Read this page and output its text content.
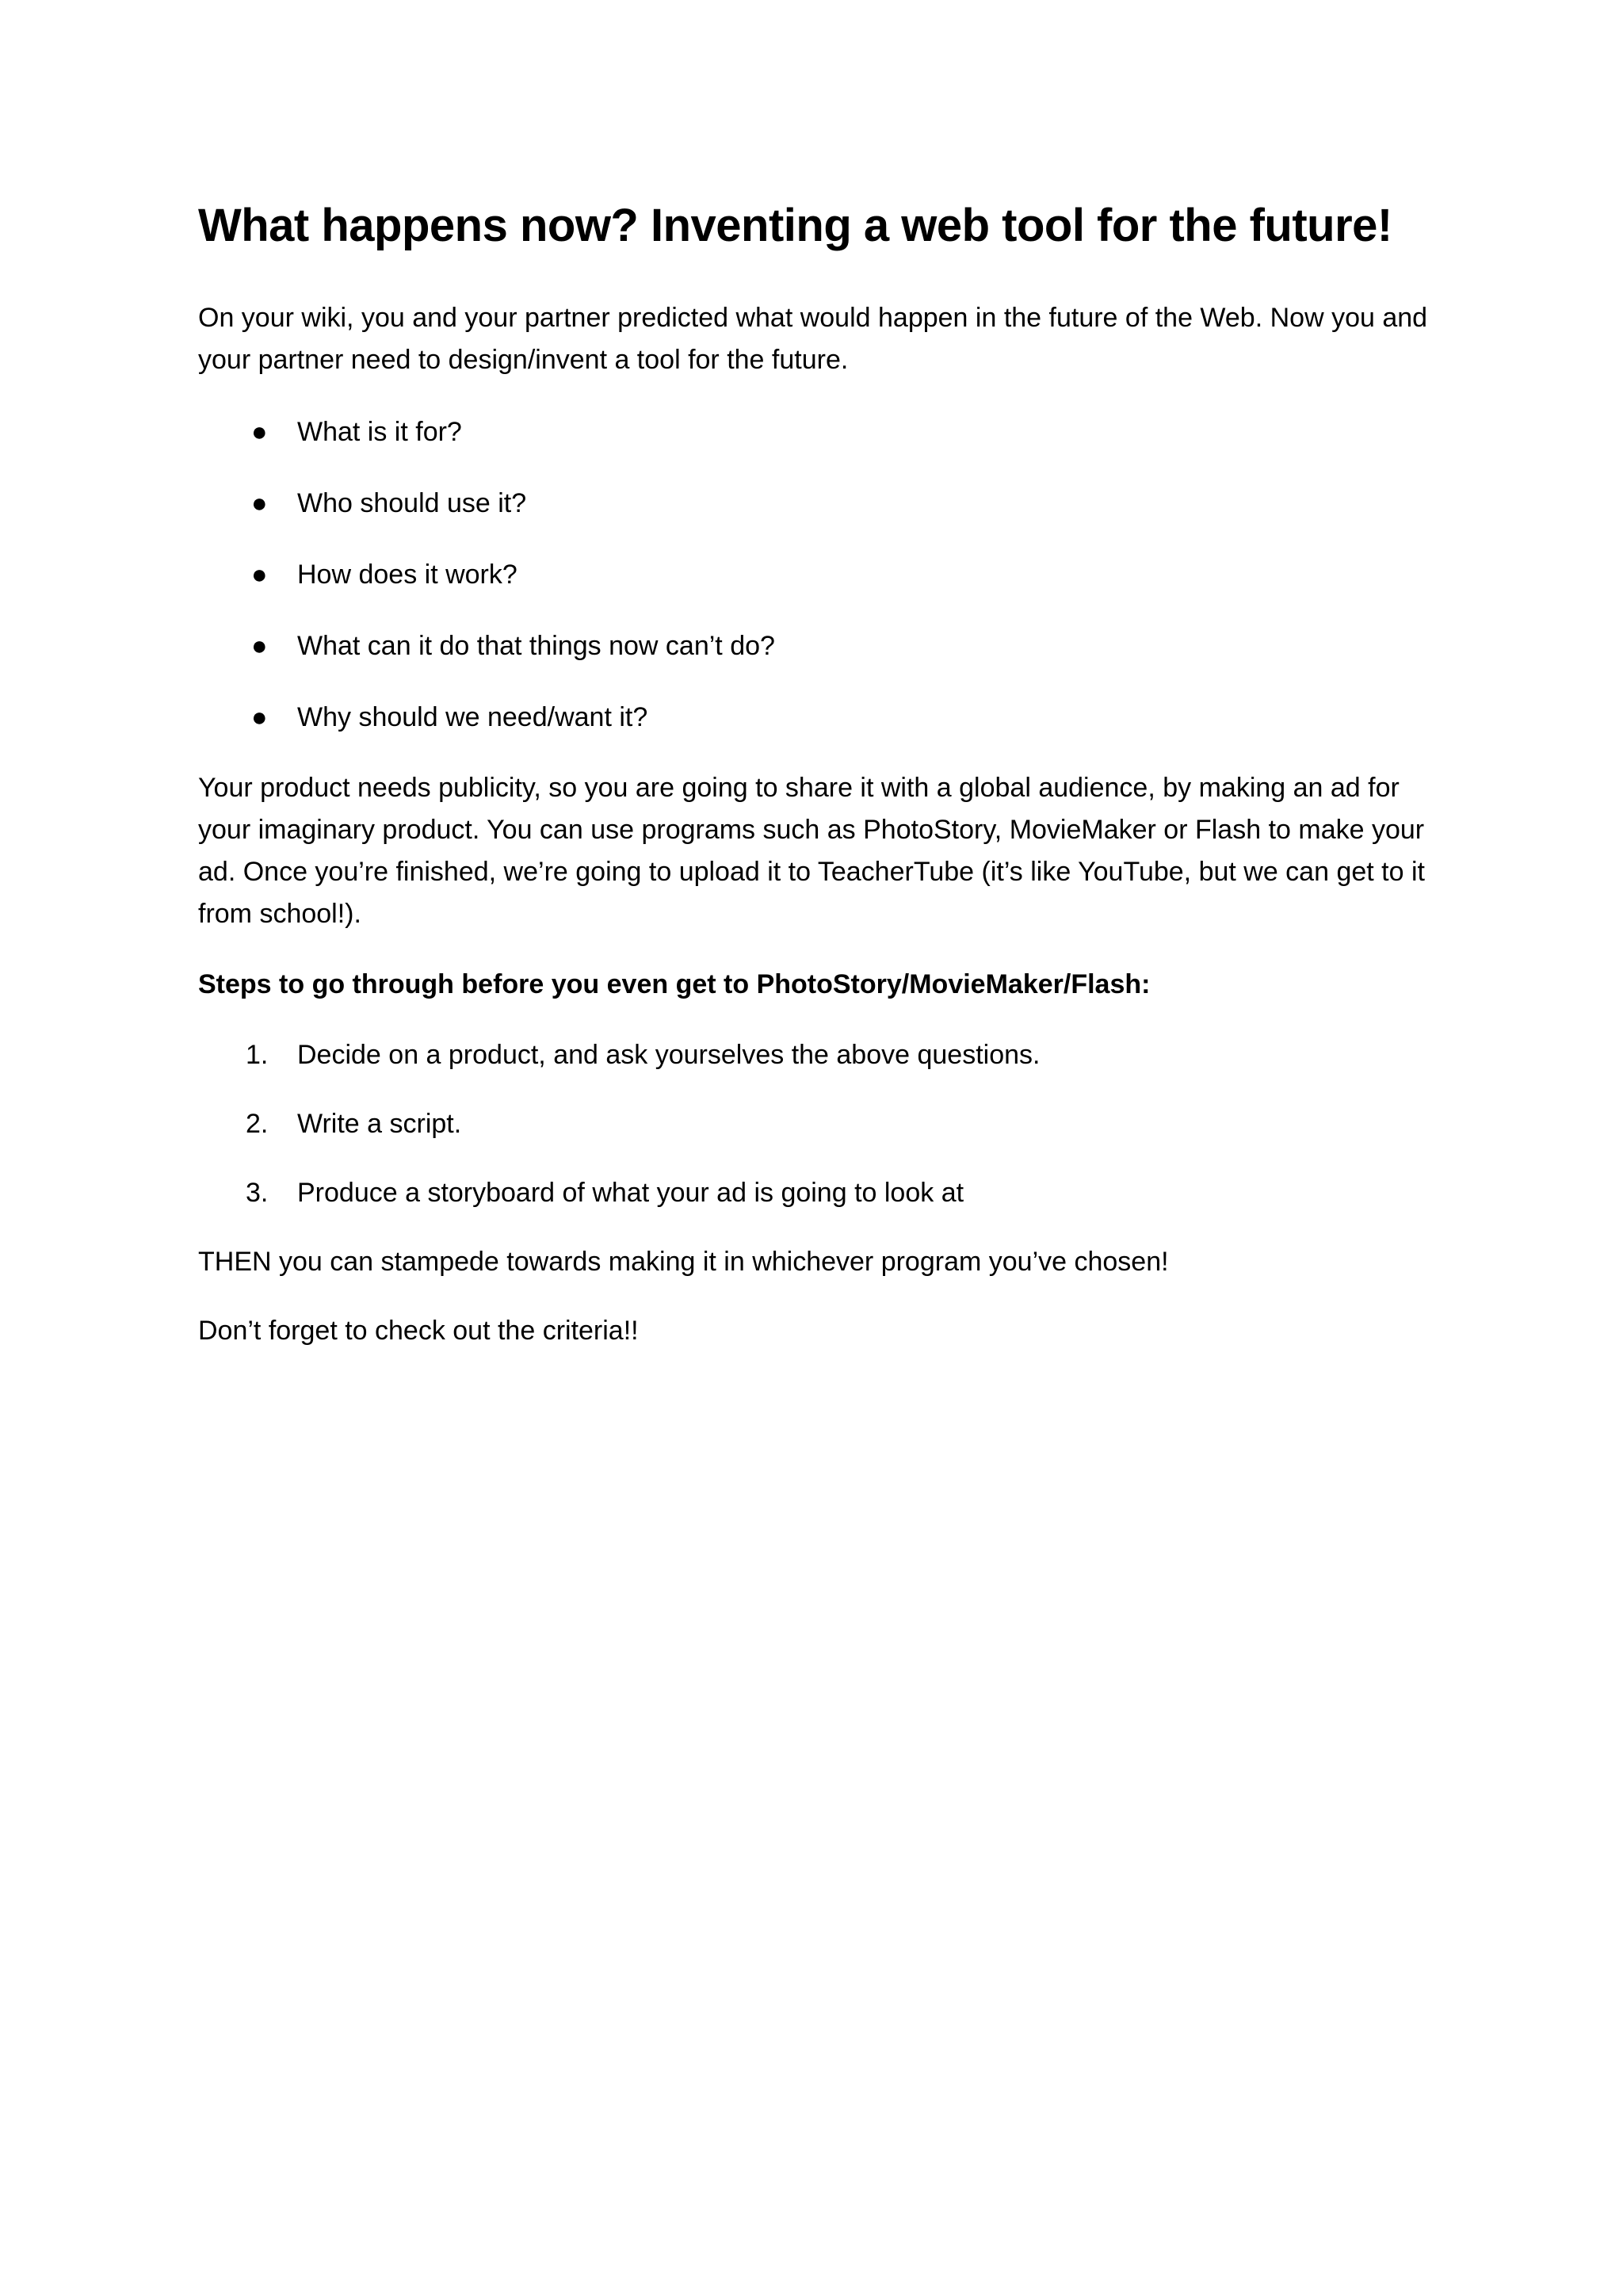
What happens now? Inventing a web tool for the future!

On your wiki, you and your partner predicted what would happen in the future of the Web. Now you and your partner need to design/invent a tool for the future.

● What is it for?
● Who should use it?
● How does it work?
● What can it do that things now can’t do?
● Why should we need/want it?

Your product needs publicity, so you are going to share it with a global audience, by making an ad for your imaginary product. You can use programs such as PhotoStory, MovieMaker or Flash to make your ad. Once you’re finished, we’re going to upload it to TeacherTube (it’s like YouTube, but we can get to it from school!).

Steps to go through before you even get to PhotoStory/MovieMaker/Flash:

1. Decide on a product, and ask yourselves the above questions.
2. Write a script.
3. Produce a storyboard of what your ad is going to look at

THEN you can stampede towards making it in whichever program you’ve chosen!

Don’t forget to check out the criteria!!
